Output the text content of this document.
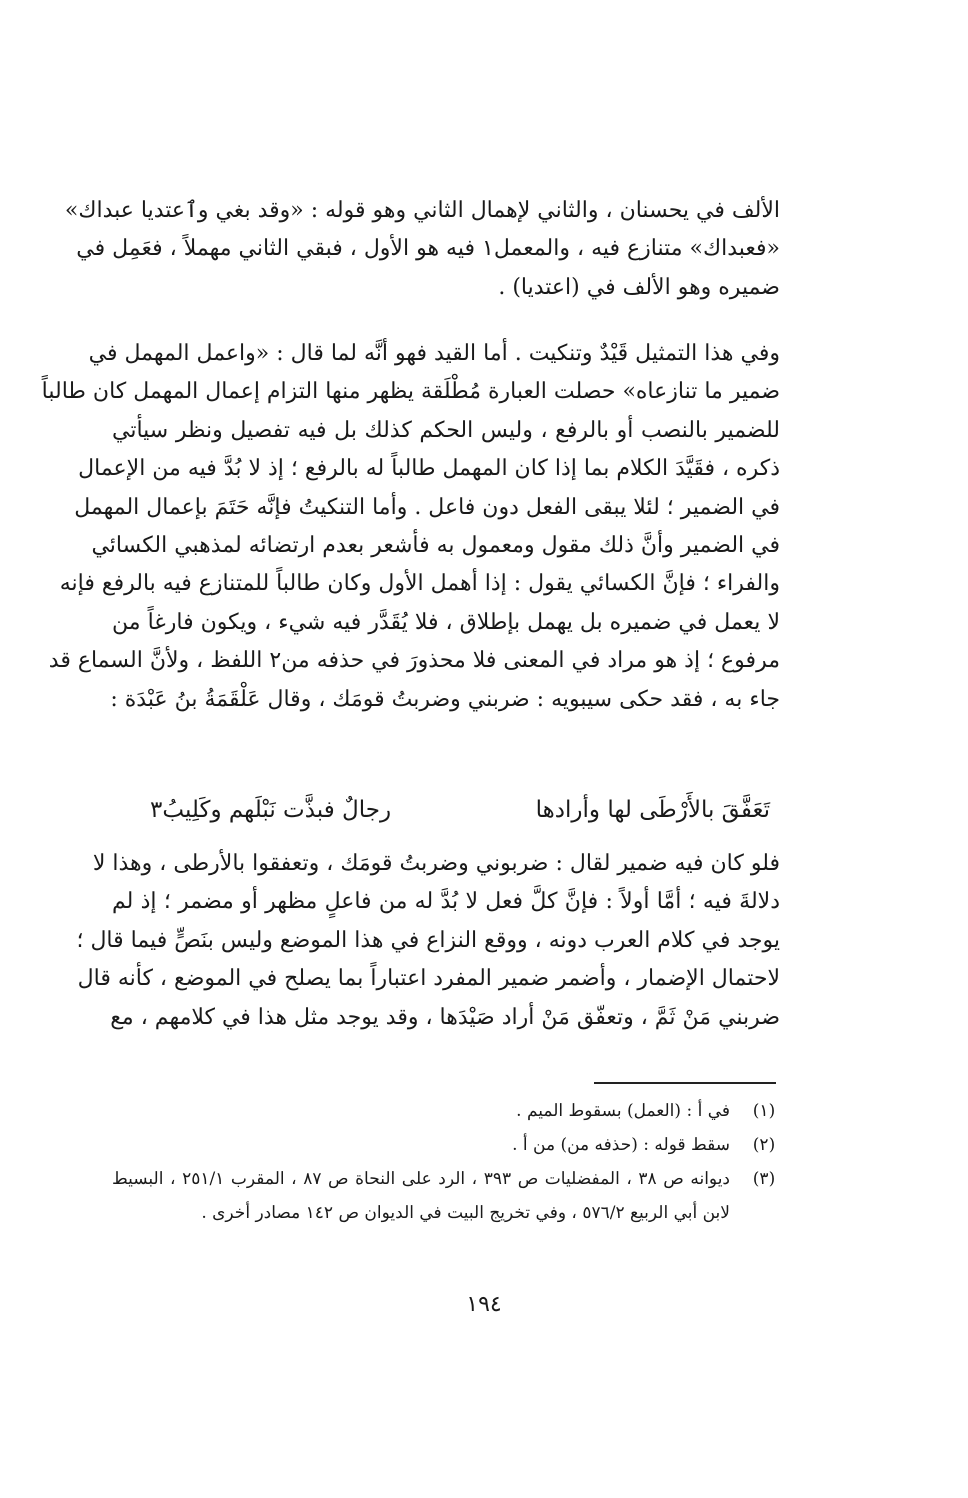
الألف في يحسنان ، والثاني لإهمال الثاني وهو قوله : «وقد بغي وٱعتديا عبداك»
«فعبداك» متنازع فيه ، والمعمل١ فيه هو الأول ، فبقي الثاني مهملاً ، فعَمِل في
ضميره وهو الألف في (اعتديا) .
وفي هذا التمثيل قَيْدٌ وتنكيت . أما القيد فهو أنَّه لما قال : «واعمل المهمل في
ضمير ما تنازعاه» حصلت العبارة مُطْلَقة يظهر منها التزام إعمال المهمل كان طالباً
للضمير بالنصب أو بالرفع ، وليس الحكم كذلك بل فيه تفصيل ونظر سيأتي
ذكره ، فقَيَّدَ الكلام بما إذا كان المهمل طالباً له بالرفع ؛ إذ لا بُدَّ فيه من الإعمال
في الضمير ؛ لئلا يبقى الفعل دون فاعل . وأما التنكيتُ فإنَّه حَتَمَ بإعمال المهمل
في الضمير وأنَّ ذلك مقول ومعمول به فأشعر بعدم ارتضائه لمذهبي الكسائي
والفراء ؛ فإنَّ الكسائي يقول : إذا أهمل الأول وكان طالباً للمتنازع فيه بالرفع فإنه
لا يعمل في ضميره بل يهمل بإطلاق ، فلا يُقَدَّر فيه شيء ، ويكون فارغاً من
مرفوع ؛ إذ هو مراد في المعنى فلا محذورَ في حذفه من٢ اللفظ ، ولأنَّ السماع قد
جاء به ، فقد حكى سيبويه : ضربني وضربتُ قومَك ، وقال عَلْقَمَةُ بنُ عَبْدَة :
تَعَفَّقَ بالأَرْطَى لها وأرادها
رجالٌ فبذَّت نَبْلَهم وكَلِيبُ٣
فلو كان فيه ضمير لقال : ضربوني وضربتُ قومَك ، وتعفقوا بالأرطى ، وهذا لا
دلالةَ فيه ؛ أمَّا أولاً : فإنَّ كلَّ فعل لا بُدَّ له من فاعلٍ مظهر أو مضمر ؛ إذ لم
يوجد في كلام العرب دونه ، ووقع النزاع في هذا الموضع وليس بنَصٍّ فيما قال ؛
لاحتمال الإضمار ، وأضمر ضمير المفرد اعتباراً بما يصلح في الموضع ، كأنه قال
ضربني مَنْ ثَمَّ ، وتعفّق مَنْ أراد صَيْدَها ، وقد يوجد مثل هذا في كلامهم ، مع
(١)
في أ : (العمل) بسقوط الميم .
(٢)
سقط قوله : (حذفه من) من أ .
(٣)
ديوانه ص ٣٨ ، المفضليات ص ٣٩٣ ، الرد على النحاة ص ٨٧ ، المقرب ٢٥١/١ ، البسيط
لابن أبي الربيع ٥٧٦/٢ ، وفي تخريج البيت في الديوان ص ١٤٢ مصادر أخرى .
١٩٤
